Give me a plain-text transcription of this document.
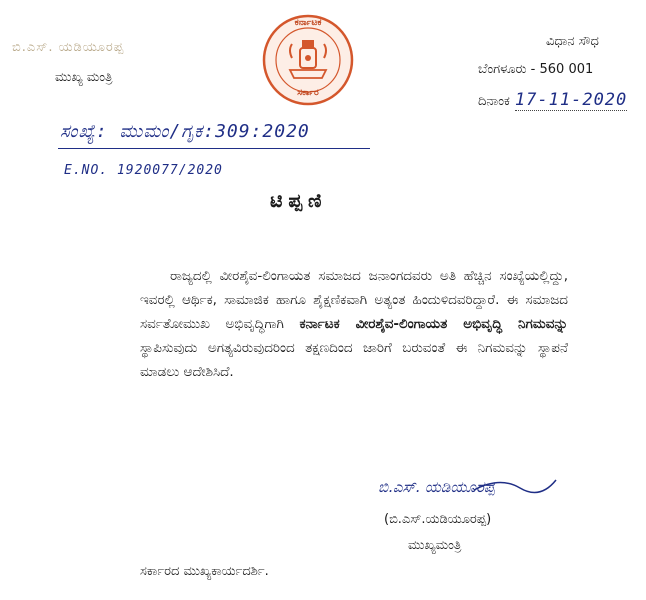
ಬಿ.ಎಸ್. ಯಡಿಯೂರಪ್ಪ
ಮುಖ್ಯ ಮಂತ್ರಿ
ಕರ್ನಾಟಕ
ಸರ್ಕಾರ
ವಿಧಾನ ಸೌಧ
ಬೆಂಗಳೂರು - 560 001
ದಿನಾಂಕ 17-11-2020
ಸಂಖ್ಯೆ: ಮುಮಂ/ಗೃಕ:309:2020
E.NO. 1920077/2020
ಟಿಪ್ಪಣಿ
ರಾಜ್ಯದಲ್ಲಿ ವೀರಶೈವ-ಲಿಂಗಾಯತ ಸಮಾಜದ ಜನಾಂಗದವರು ಅತಿ ಹೆಚ್ಚಿನ ಸಂಖ್ಯೆಯಲ್ಲಿದ್ದು, ಇವರಲ್ಲಿ ಆರ್ಥಿಕ, ಸಾಮಾಜಿಕ ಹಾಗೂ ಶೈಕ್ಷಣಿಕವಾಗಿ ಅತ್ಯಂತ ಹಿಂದುಳಿದವರಿದ್ದಾರೆ. ಈ ಸಮಾಜದ ಸರ್ವತೋಮುಖ ಅಭಿವೃದ್ಧಿಗಾಗಿ ಕರ್ನಾಟಕ ವೀರಶೈವ-ಲಿಂಗಾಯತ ಅಭಿವೃದ್ಧಿ ನಿಗಮವನ್ನು ಸ್ಥಾಪಿಸುವುದು ಅಗತ್ಯವಿರುವುದರಿಂದ ತಕ್ಷಣದಿಂದ ಜಾರಿಗೆ ಬರುವಂತೆ ಈ ನಿಗಮವನ್ನು ಸ್ಥಾಪನೆ ಮಾಡಲು ಆದೇಶಿಸಿದೆ.
ಬಿ.ಎಸ್. ಯಡಿಯೂರಪ್ಪ
(ಬಿ.ಎಸ್.ಯಡಿಯೂರಪ್ಪ)
ಮುಖ್ಯಮಂತ್ರಿ
ಸರ್ಕಾರದ ಮುಖ್ಯಕಾರ್ಯದರ್ಶಿ.
